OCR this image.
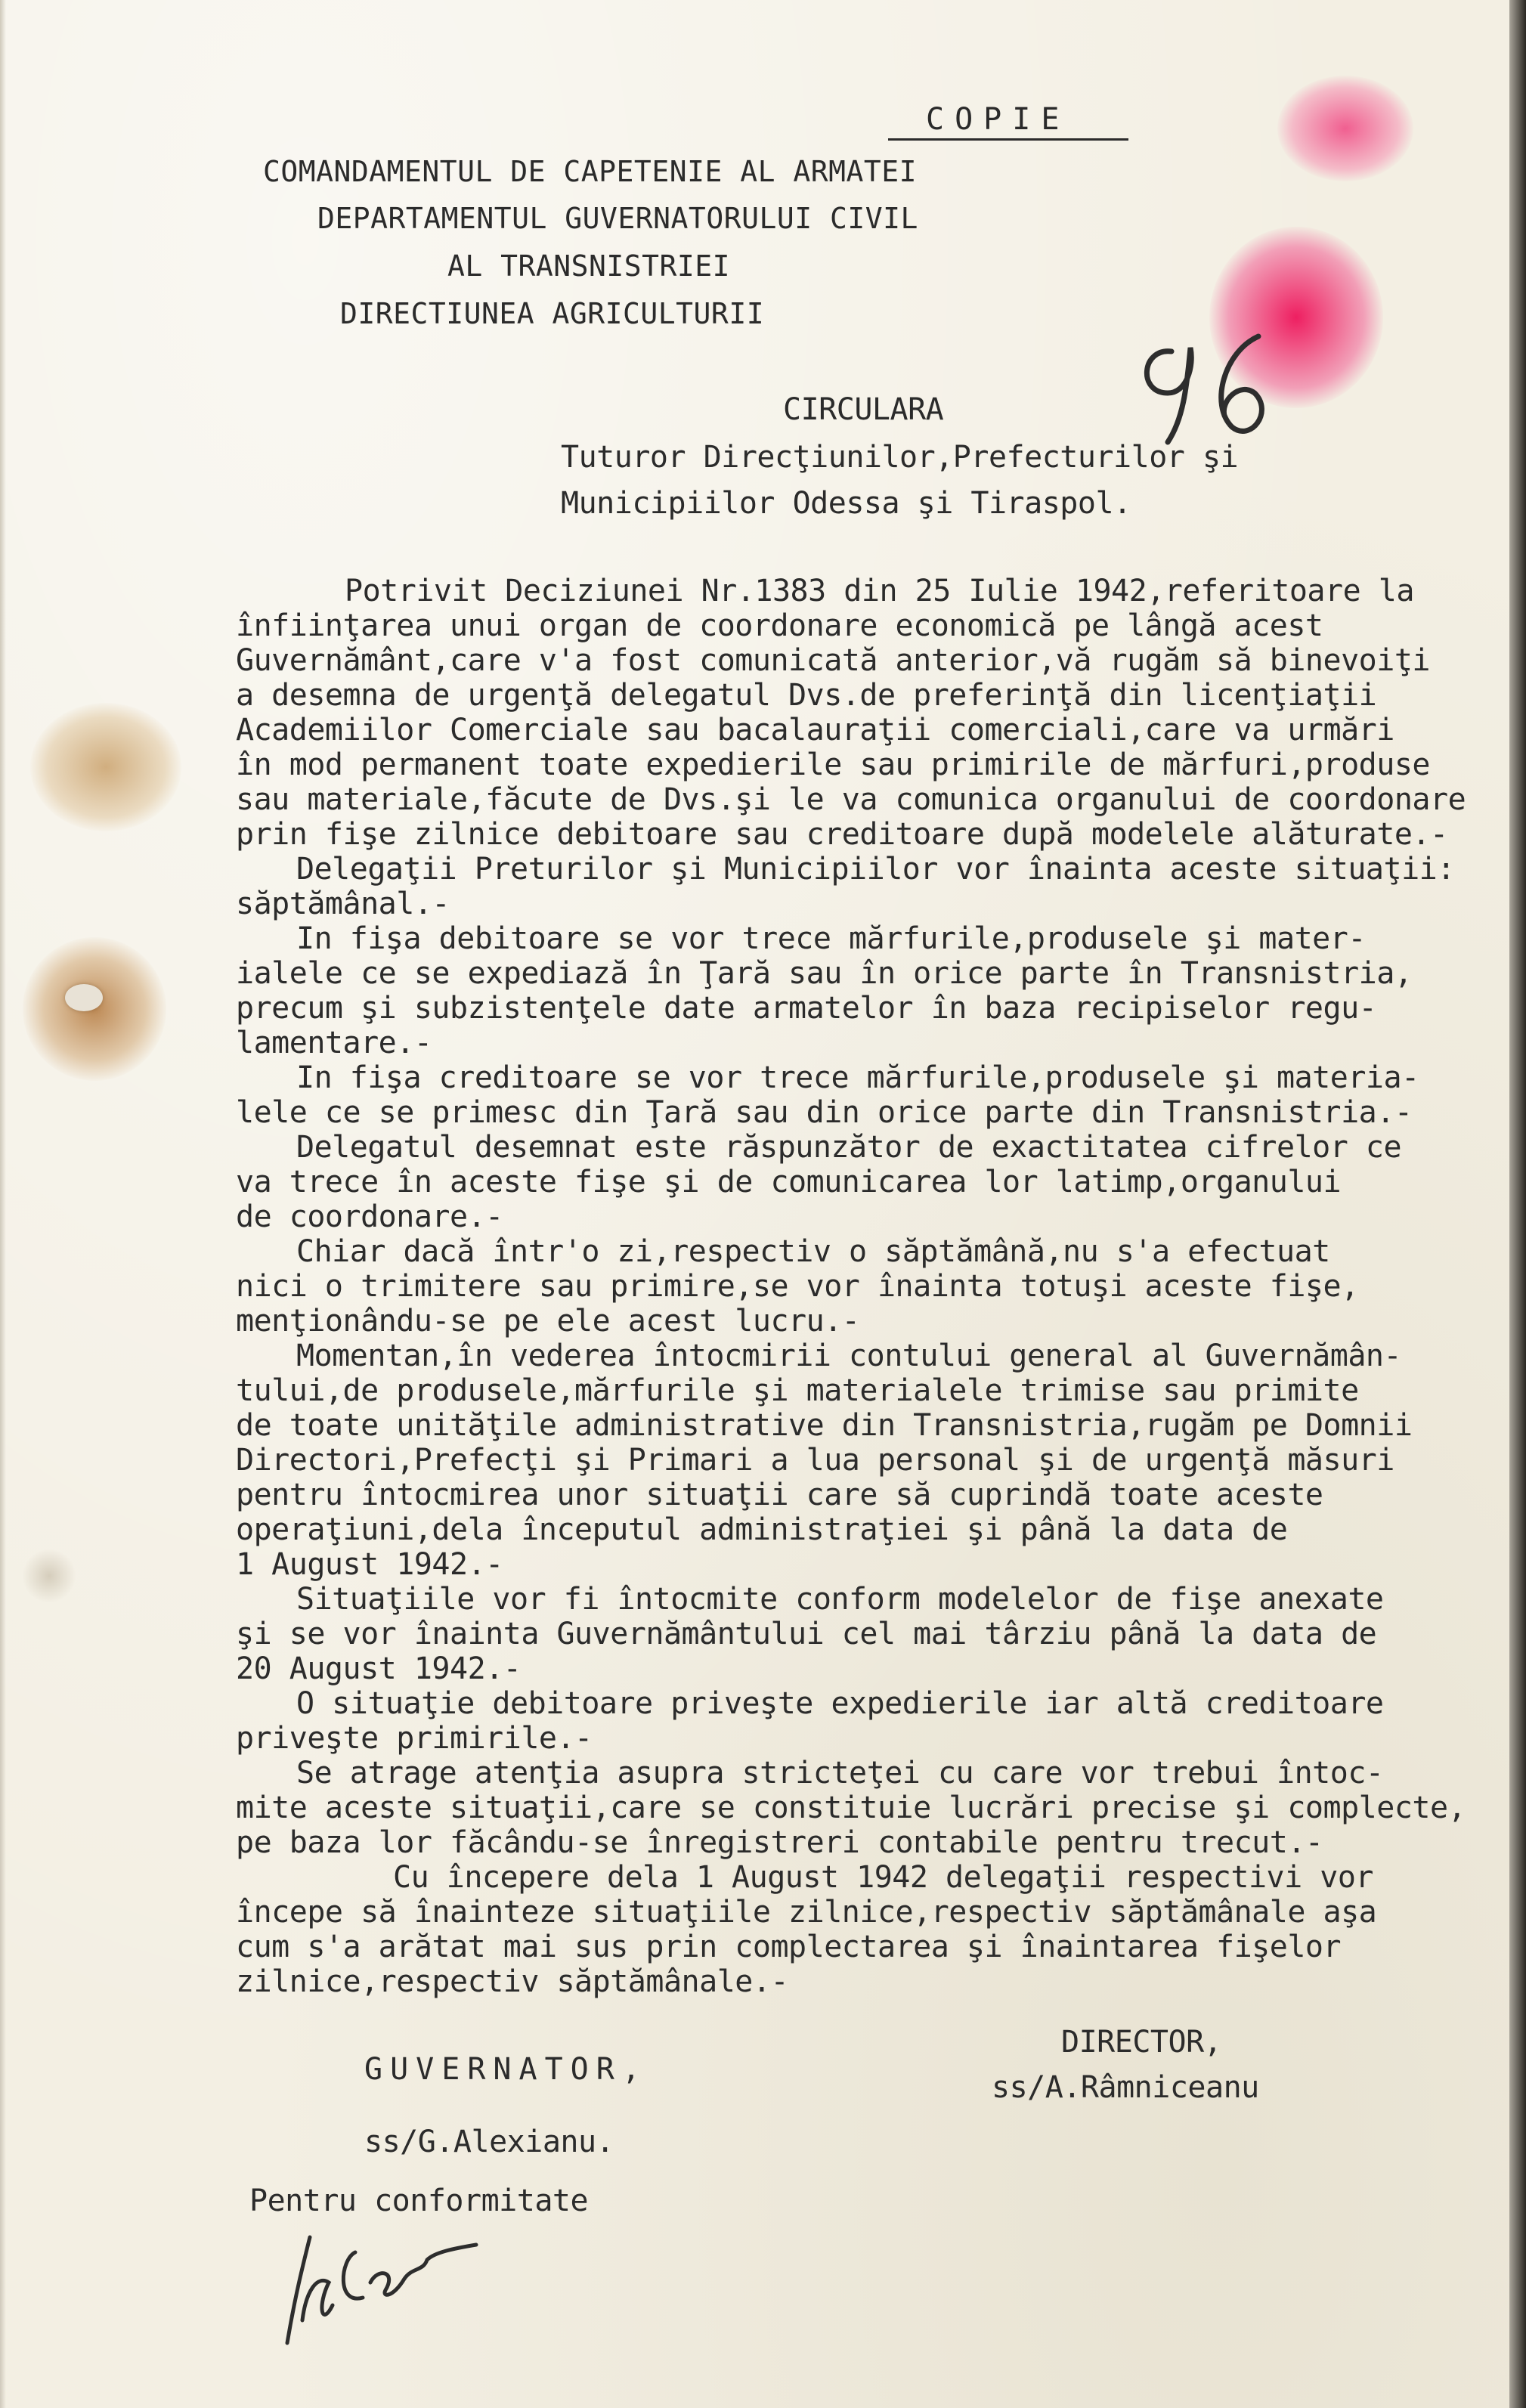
COPIE
COMANDAMENTUL DE CAPETENIE AL ARMATEI
DEPARTAMENTUL GUVERNATORULUI CIVIL
AL TRANSNISTRIEI
DIRECTIUNEA AGRICULTURII
CIRCULARA
Tuturor Direcţiunilor,Prefecturilor şi
Municipiilor Odessa şi Tiraspol.
Potrivit Deciziunei Nr.1383 din 25 Iulie 1942,referitoare la
înfiinţarea unui organ de coordonare economică pe lângă acest
Guvernământ,care v'a fost comunicată anterior,vă rugăm să binevoiţi
a desemna de urgenţă delegatul Dvs.de preferinţă din licenţiaţii
Academiilor Comerciale sau bacalauraţii comerciali,care va urmări
în mod permanent toate expedierile sau primirile de mărfuri,produse
sau materiale,făcute de Dvs.şi le va comunica organului de coordonare
prin fişe zilnice debitoare sau creditoare după modelele alăturate.-
Delegaţii Preturilor şi Municipiilor vor înainta aceste situaţii:
săptămânal.-
In fişa debitoare se vor trece mărfurile,produsele şi mater-
ialele ce se expediază în Ţară sau în orice parte în Transnistria,
precum şi subzistenţele date armatelor în baza recipiselor regu-
lamentare.-
In fişa creditoare se vor trece mărfurile,produsele şi materia-
lele ce se primesc din Ţară sau din orice parte din Transnistria.-
Delegatul desemnat este răspunzător de exactitatea cifrelor ce
va trece în aceste fişe şi de comunicarea lor latimp,organului
de coordonare.-
Chiar dacă într'o zi,respectiv o săptămână,nu s'a efectuat
nici o trimitere sau primire,se vor înainta totuşi aceste fişe,
menţionându-se pe ele acest lucru.-
Momentan,în vederea întocmirii contului general al Guvernămân-
tului,de produsele,mărfurile şi materialele trimise sau primite
de toate unităţile administrative din Transnistria,rugăm pe Domnii
Directori,Prefecţi şi Primari a lua personal şi de urgenţă măsuri
pentru întocmirea unor situaţii care să cuprindă toate aceste
operaţiuni,dela începutul administraţiei şi până la data de
1 August 1942.-
Situaţiile vor fi întocmite conform modelelor de fişe anexate
şi se vor înainta Guvernământului cel mai târziu până la data de
20 August 1942.-
O situaţie debitoare priveşte expedierile iar altă creditoare
priveşte primirile.-
Se atrage atenţia asupra stricteţei cu care vor trebui întoc-
mite aceste situaţii,care se constituie lucrări precise şi complecte,
pe baza lor făcându-se înregistreri contabile pentru trecut.-
Cu începere dela 1 August 1942 delegaţii respectivi vor
începe să înainteze situaţiile zilnice,respectiv săptămânale aşa
cum s'a arătat mai sus prin complectarea şi înaintarea fişelor
zilnice,respectiv săptămânale.-
GUVERNATOR,
ss/G.Alexianu.
DIRECTOR,
ss/A.Râmniceanu
Pentru conformitate
